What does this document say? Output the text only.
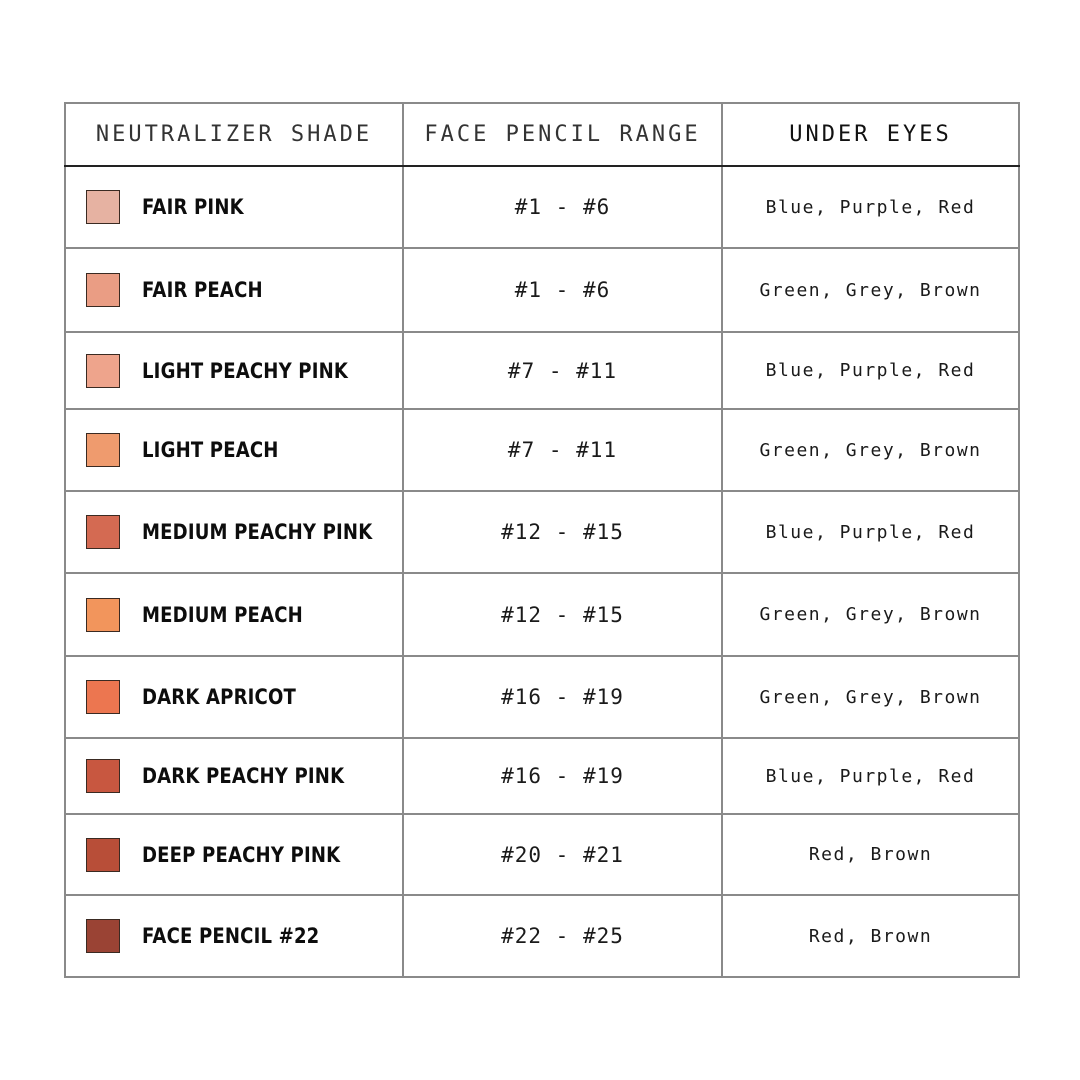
NEUTRALIZER SHADE	FACE PENCIL RANGE	UNDER EYES

FAIR PINK	#1 - #6	Blue, Purple, Red

FAIR PEACH	#1 - #6	Green, Grey, Brown

LIGHT PEACHY PINK	#7 - #11	Blue, Purple, Red

LIGHT PEACH	#7 - #11	Green, Grey, Brown

MEDIUM PEACHY PINK	#12 - #15	Blue, Purple, Red

MEDIUM PEACH	#12 - #15	Green, Grey, Brown

DARK APRICOT	#16 - #19	Green, Grey, Brown

DARK PEACHY PINK	#16 - #19	Blue, Purple, Red

DEEP PEACHY PINK	#20 - #21	Red, Brown

FACE PENCIL #22	#22 - #25	Red, Brown
